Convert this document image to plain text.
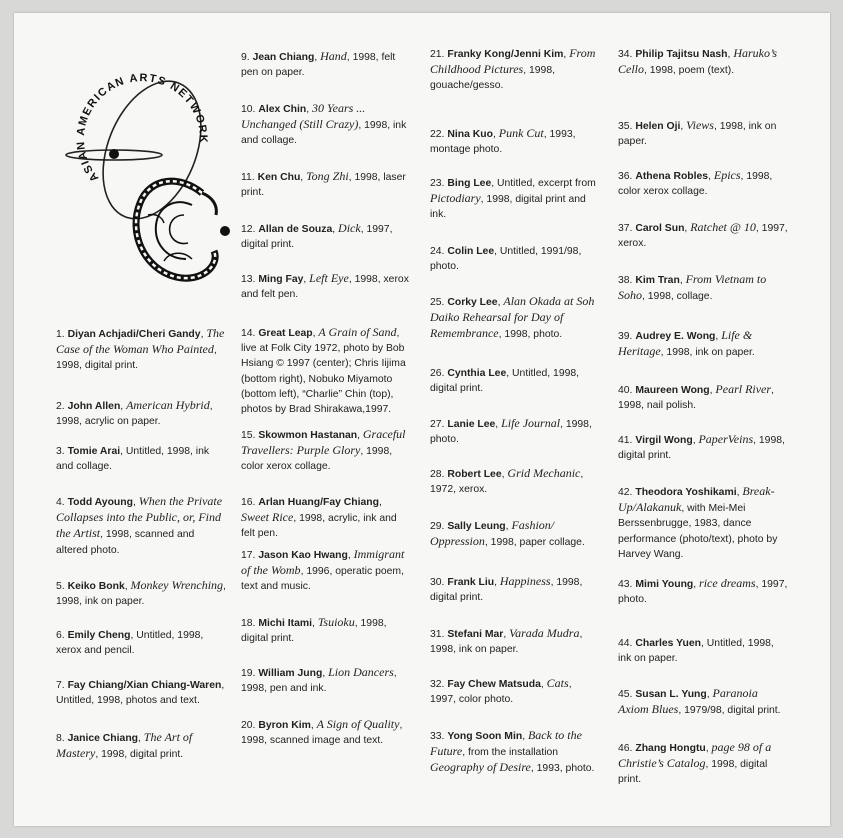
ASIAN AMERICAN ARTS NETWORK

1. Diyan Achjadi/Cheri Gandy, The Case of the Woman Who Painted, 1998, digital print.

2. John Allen, American Hybrid, 1998, acrylic on paper.

3. Tomie Arai, Untitled, 1998, ink and collage.

4. Todd Ayoung, When the Private Collapses into the Public, or, Find the Artist, 1998, scanned and altered photo.

5. Keiko Bonk, Monkey Wrenching, 1998, ink on paper.

6. Emily Cheng, Untitled, 1998, xerox and pencil.

7. Fay Chiang/Xian Chiang-Waren, Untitled, 1998, photos and text.

8. Janice Chiang, The Art of Mastery, 1998, digital print.

9. Jean Chiang, Hand, 1998, felt pen on paper.

10. Alex Chin, 30 Years ... Unchanged (Still Crazy), 1998, ink and collage.

11. Ken Chu, Tong Zhi, 1998, laser print.

12. Allan de Souza, Dick, 1997, digital print.

13. Ming Fay, Left Eye, 1998, xerox and felt pen.

14. Great Leap, A Grain of Sand, live at Folk City 1972, photo by Bob Hsiang © 1997 (center); Chris Iijima (bottom right), Nobuko Miyamoto (bottom left), “Charlie” Chin (top), photos by Brad Shirakawa,1997.

15. Skowmon Hastanan, Graceful Travellers: Purple Glory, 1998, color xerox collage.

16. Arlan Huang/Fay Chiang, Sweet Rice, 1998, acrylic, ink and felt pen.

17. Jason Kao Hwang, Immigrant of the Womb, 1996, operatic poem, text and music.

18. Michi Itami, Tsuioku, 1998, digital print.

19. William Jung, Lion Dancers, 1998, pen and ink.

20. Byron Kim, A Sign of Quality, 1998, scanned image and text.

21. Franky Kong/Jenni Kim, From Childhood Pictures, 1998, gouache/gesso.

22. Nina Kuo, Punk Cut, 1993, montage photo.

23. Bing Lee, Untitled, excerpt from Pictodiary, 1998, digital print and ink.

24. Colin Lee, Untitled, 1991/98, photo.

25. Corky Lee, Alan Okada at Soh Daiko Rehearsal for Day of Remembrance, 1998, photo.

26. Cynthia Lee, Untitled, 1998, digital print.

27. Lanie Lee, Life Journal, 1998, photo.

28. Robert Lee, Grid Mechanic, 1972, xerox.

29. Sally Leung, Fashion/ Oppression, 1998, paper collage.

30. Frank Liu, Happiness, 1998, digital print.

31. Stefani Mar, Varada Mudra, 1998, ink on paper.

32. Fay Chew Matsuda, Cats, 1997, color photo.

33. Yong Soon Min, Back to the Future, from the installation Geography of Desire, 1993, photo.

34. Philip Tajitsu Nash, Haruko’s Cello, 1998, poem (text).

35. Helen Oji, Views, 1998, ink on paper.

36. Athena Robles, Epics, 1998, color xerox collage.

37. Carol Sun, Ratchet @ 10, 1997, xerox.

38. Kim Tran, From Vietnam to Soho, 1998, collage.

39. Audrey E. Wong, Life & Heritage, 1998, ink on paper.

40. Maureen Wong, Pearl River, 1998, nail polish.

41. Virgil Wong, PaperVeins, 1998, digital print.

42. Theodora Yoshikami, Break-Up/Alakanuk, with Mei-Mei Berssenbrugge, 1983, dance performance (photo/text), photo by Harvey Wang.

43. Mimi Young, rice dreams, 1997, photo.

44. Charles Yuen, Untitled, 1998, ink on paper.

45. Susan L. Yung, Paranoia Axiom Blues, 1979/98, digital print.

46. Zhang Hongtu, page 98 of a Christie’s Catalog, 1998, digital print.
